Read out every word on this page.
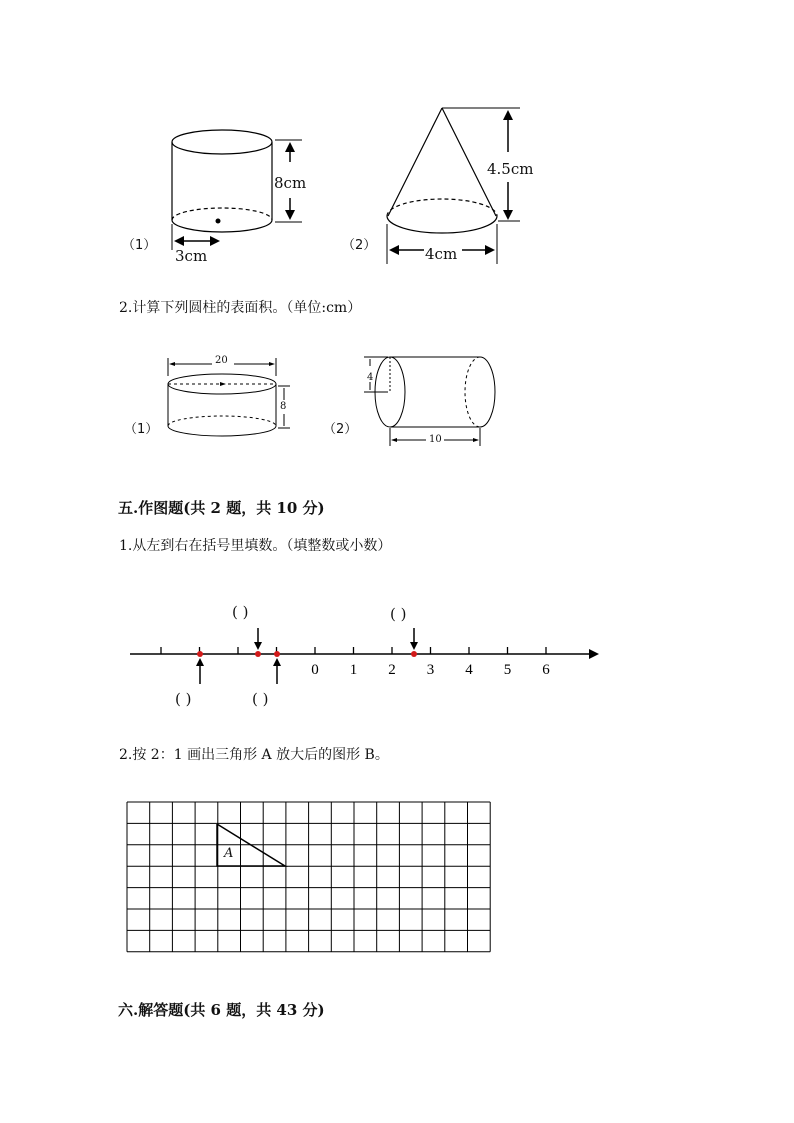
（1）
8cm
3cm
（2）
4.5cm
4cm
2.计算下列圆柱的表面积。（单位:cm）
（1）
20
8
（2）
4
10
五.作图题(共 2 题，共 10 分)
1.从左到右在括号里填数。（填整数或小数）
0 1 2 3 4 5 6
( )	( )
( )	( )
2.按 2：1 画出三角形 A 放大后的图形 B。
A
六.解答题(共 6 题，共 43 分)
